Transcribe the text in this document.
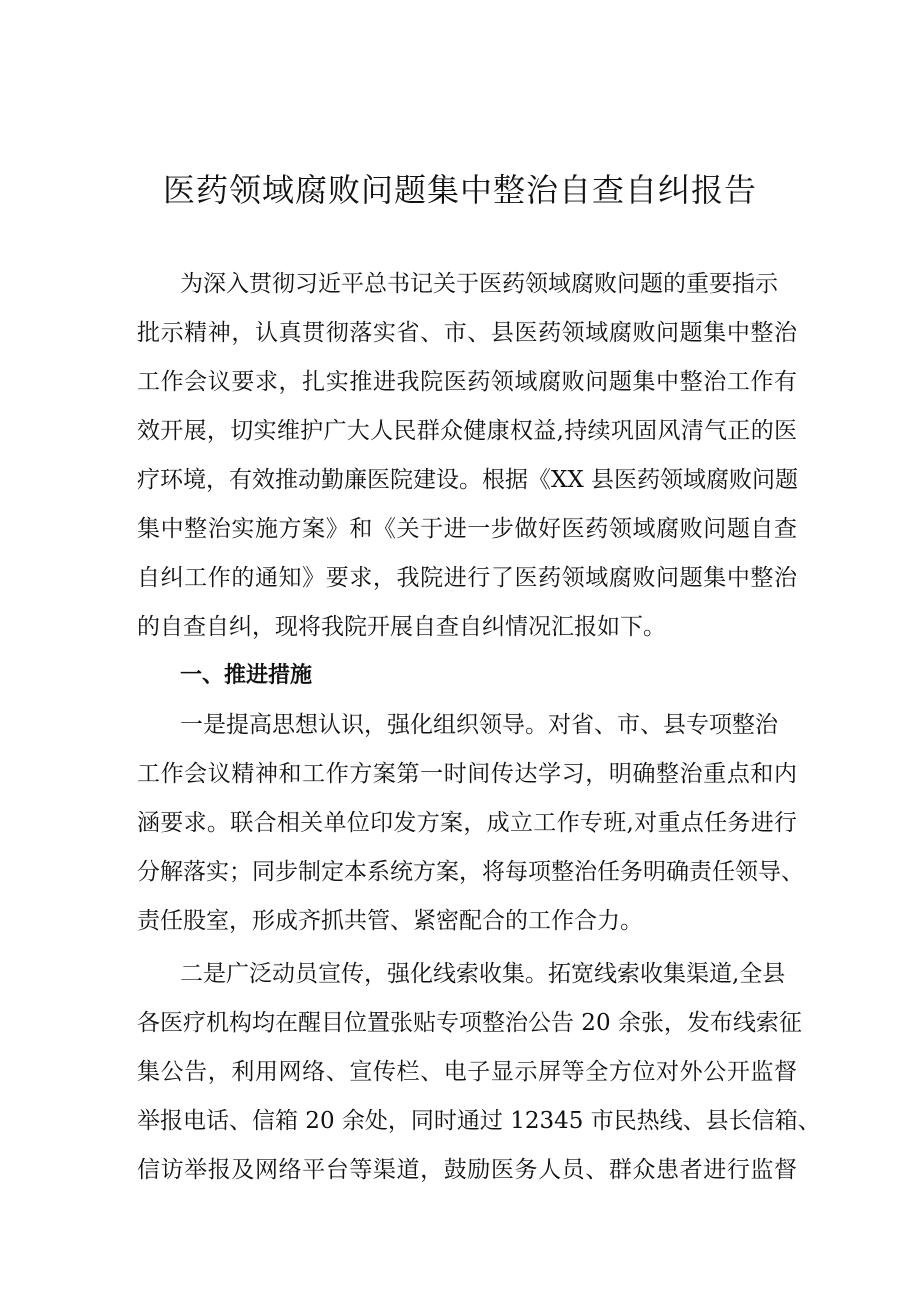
医药领域腐败问题集中整治自查自纠报告
为深入贯彻习近平总书记关于医药领域腐败问题的重要指示
批示精神，认真贯彻落实省、市、县医药领域腐败问题集中整治
工作会议要求，扎实推进我院医药领域腐败问题集中整治工作有
效开展，切实维护广大人民群众健康权益,持续巩固风清气正的医
疗环境，有效推动勤廉医院建设。根据《XX 县医药领域腐败问题
集中整治实施方案》和《关于进一步做好医药领域腐败问题自查
自纠工作的通知》要求，我院进行了医药领域腐败问题集中整治
的自查自纠，现将我院开展自查自纠情况汇报如下。
一、推进措施
一是提高思想认识，强化组织领导。对省、市、县专项整治
工作会议精神和工作方案第一时间传达学习，明确整治重点和内
涵要求。联合相关单位印发方案，成立工作专班,对重点任务进行
分解落实；同步制定本系统方案，将每项整治任务明确责任领导、
责任股室，形成齐抓共管、紧密配合的工作合力。
二是广泛动员宣传，强化线索收集。拓宽线索收集渠道,全县
各医疗机构均在醒目位置张贴专项整治公告 20 余张，发布线索征
集公告，利用网络、宣传栏、电子显示屏等全方位对外公开监督
举报电话、信箱 20 余处，同时通过 12345 市民热线、县长信箱、
信访举报及网络平台等渠道，鼓励医务人员、群众患者进行监督
